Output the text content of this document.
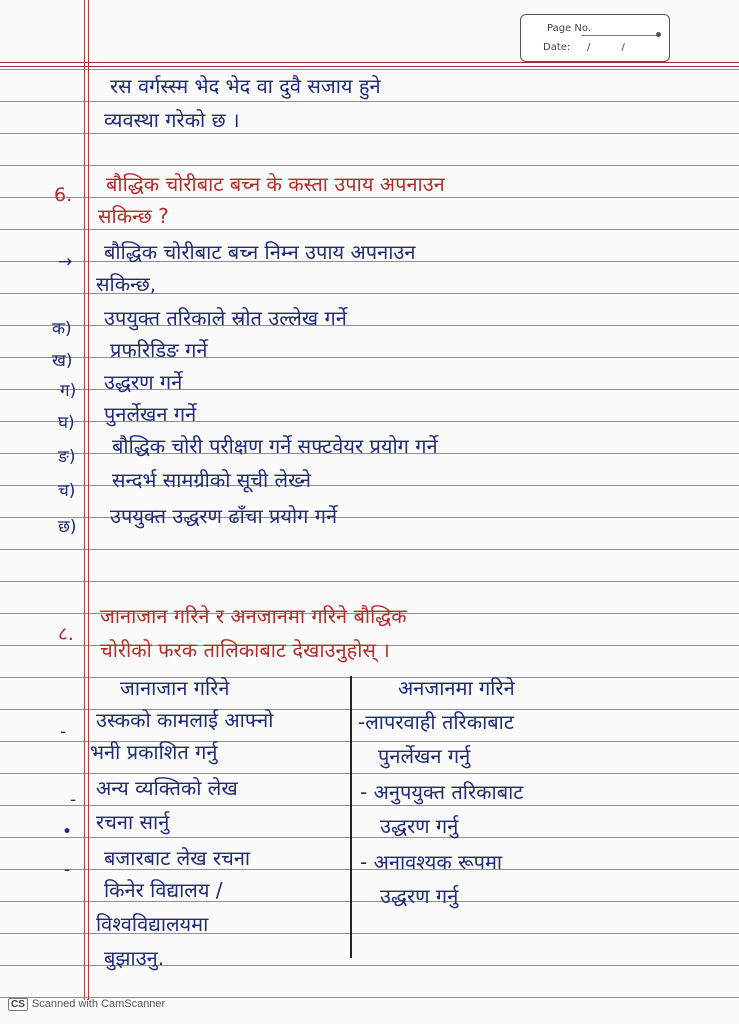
Page No.
Date: / /
रस वर्गस्स्म भेद भेद वा दुवै सजाय हुने
व्यवस्था गरेको छ ।
6. बौद्धिक चोरीबाट बच्न के कस्ता उपाय अपनाउन
सकिन्छ ?
बौद्धिक चोरीबाट बच्न निम्न उपाय अपनाउन
→
सकिन्छ,
क) उपयुक्त तरिकाले स्रोत उल्लेख गर्ने
ख) प्रफरिडिङ गर्ने
ग) उद्धरण गर्ने
घ) पुनर्लेखन गर्ने
ङ) बौद्धिक चोरी परीक्षण गर्ने सफ्टवेयर प्रयोग गर्ने
च) सन्दर्भ सामग्रीको सूची लेख्ने
छ) उपयुक्त उद्धरण ढाँचा प्रयोग गर्ने
८.
जानाजान गरिने र अनजानमा गरिने बौद्धिक
चोरीको फरक तालिकाबाट देखाउनुहोस् ।
जानाजान गरिने	अनजानमा गरिने
- उस्कको कामलाई आफ्नो
भनी प्रकाशित गर्नु
- अन्य व्यक्तिको लेख
• रचना सार्नु
- बजारबाट लेख रचना
किनेर विद्यालय /
विश्वविद्यालयमा
बुझाउनु.
-लापरवाही तरिकाबाट
पुनर्लेखन गर्नु
- अनुपयुक्त तरिकाबाट
उद्धरण गर्नु
- अनावश्यक रूपमा
उद्धरण गर्नु
CS Scanned with CamScanner
